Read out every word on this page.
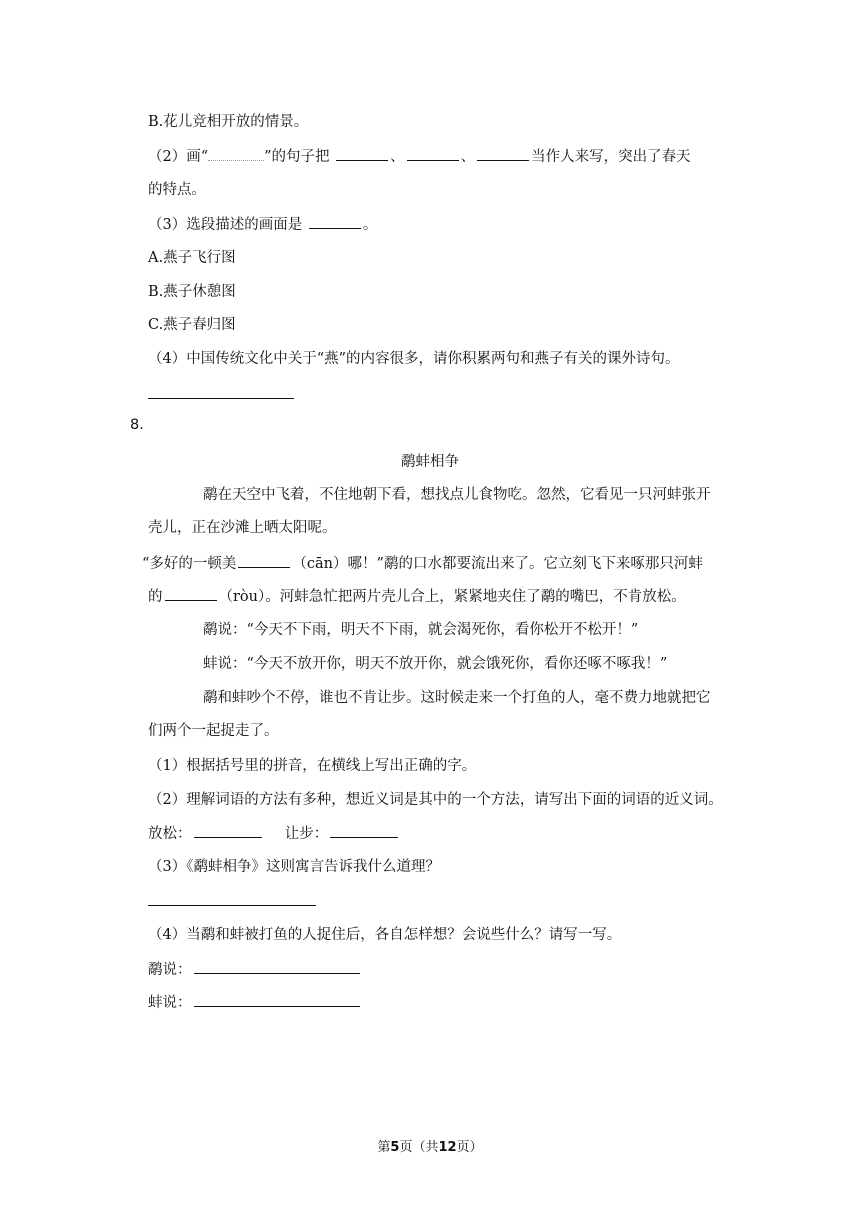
B.花儿竞相开放的情景。
（2）画“	”的句子把	、	、	当作人来写，突出了春天
的特点。
（3）选段描述的画面是	。
A.燕子飞行图
B.燕子休憩图
C.燕子春归图
（4）中国传统文化中关于“燕”的内容很多，请你积累两句和燕子有关的课外诗句。
8.
鹬蚌相争
鹬在天空中飞着，不住地朝下看，想找点儿食物吃。忽然，它看见一只河蚌张开
壳儿，正在沙滩上晒太阳呢。
“多好的一顿美	（cān）哪！”鹬的口水都要流出来了。它立刻飞下来啄那只河蚌
的	（ròu）。河蚌急忙把两片壳儿合上，紧紧地夹住了鹬的嘴巴，不肯放松。
鹬说：“今天不下雨，明天不下雨，就会渴死你，看你松开不松开！”
蚌说：“今天不放开你，明天不放开你，就会饿死你，看你还啄不啄我！”
鹬和蚌吵个不停，谁也不肯让步。这时候走来一个打鱼的人，毫不费力地就把它
们两个一起捉走了。
（1）根据括号里的拼音，在横线上写出正确的字。
（2）理解词语的方法有多种，想近义词是其中的一个方法，请写出下面的词语的近义词。
放松：	让步：
（3）《鹬蚌相争》这则寓言告诉我什么道理？
（4）当鹬和蚌被打鱼的人捉住后，各自怎样想？会说些什么？请写一写。
鹬说：
蚌说：
第5页（共12页）
